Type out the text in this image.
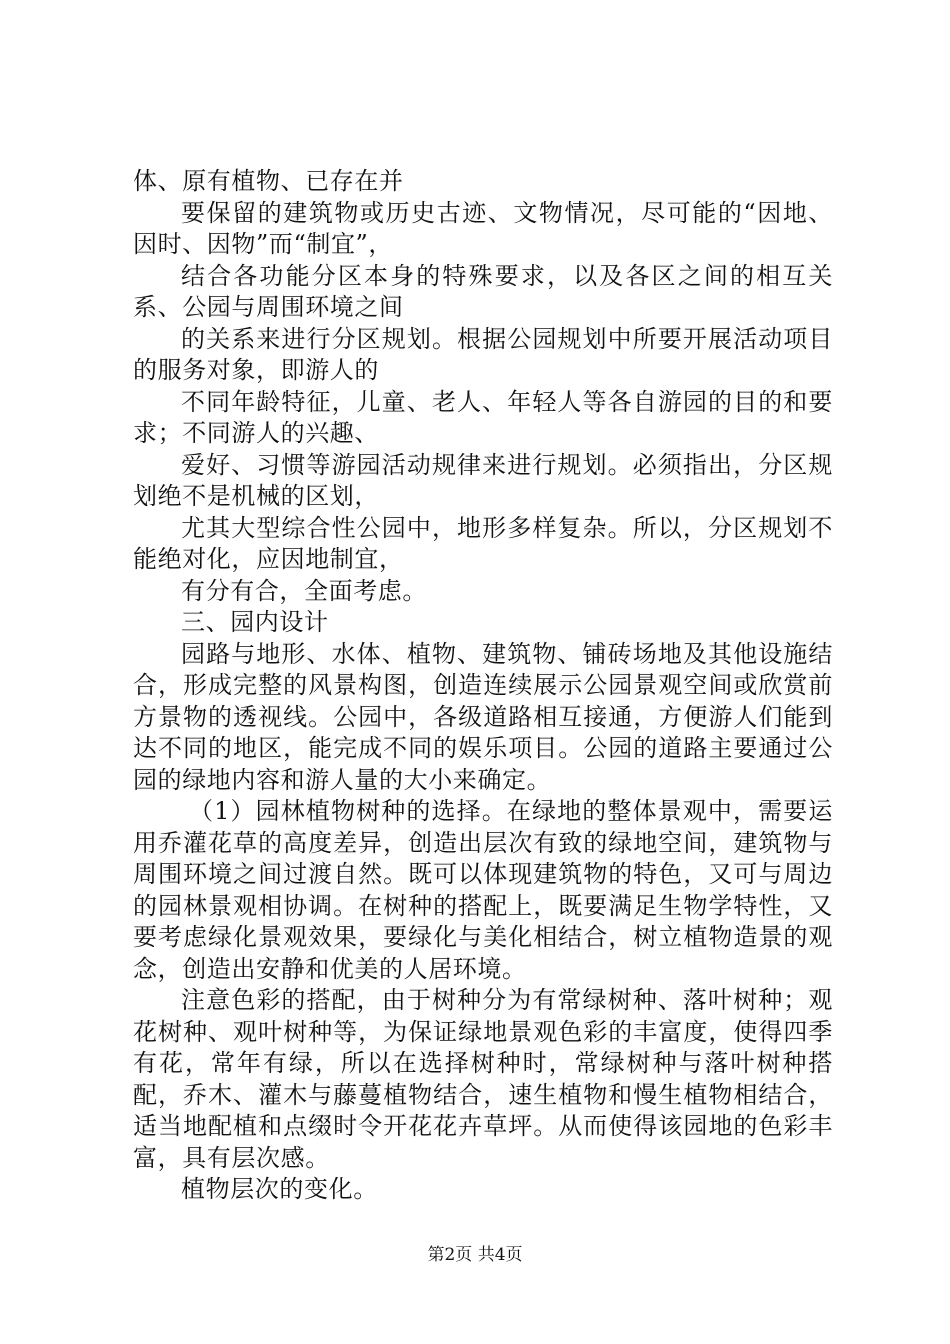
体、原有植物、已存在并

要保留的建筑物或历史古迹、文物情况，尽可能的“因地、因时、因物”而“制宜”，

结合各功能分区本身的特殊要求，以及各区之间的相互关系、公园与周围环境之间

的关系来进行分区规划。根据公园规划中所要开展活动项目的服务对象，即游人的

不同年龄特征，儿童、老人、年轻人等各自游园的目的和要求；不同游人的兴趣、

爱好、习惯等游园活动规律来进行规划。必须指出，分区规划绝不是机械的区划，

尤其大型综合性公园中，地形多样复杂。所以，分区规划不能绝对化，应因地制宜，

有分有合，全面考虑。

三、园内设计

园路与地形、水体、植物、建筑物、铺砖场地及其他设施结合，形成完整的风景构图，创造连续展示公园景观空间或欣赏前方景物的透视线。公园中，各级道路相互接通，方便游人们能到达不同的地区，能完成不同的娱乐项目。公园的道路主要通过公园的绿地内容和游人量的大小来确定。

（1）园林植物树种的选择。在绿地的整体景观中，需要运用乔灌花草的高度差异，创造出层次有致的绿地空间，建筑物与周围环境之间过渡自然。既可以体现建筑物的特色，又可与周边的园林景观相协调。在树种的搭配上，既要满足生物学特性，又要考虑绿化景观效果，要绿化与美化相结合，树立植物造景的观念，创造出安静和优美的人居环境。

注意色彩的搭配，由于树种分为有常绿树种、落叶树种；观花树种、观叶树种等，为保证绿地景观色彩的丰富度，使得四季有花，常年有绿，所以在选择树种时，常绿树种与落叶树种搭配，乔木、灌木与藤蔓植物结合，速生植物和慢生植物相结合，适当地配植和点缀时令开花花卉草坪。从而使得该园地的色彩丰富，具有层次感。

植物层次的变化。

第2页 共4页
